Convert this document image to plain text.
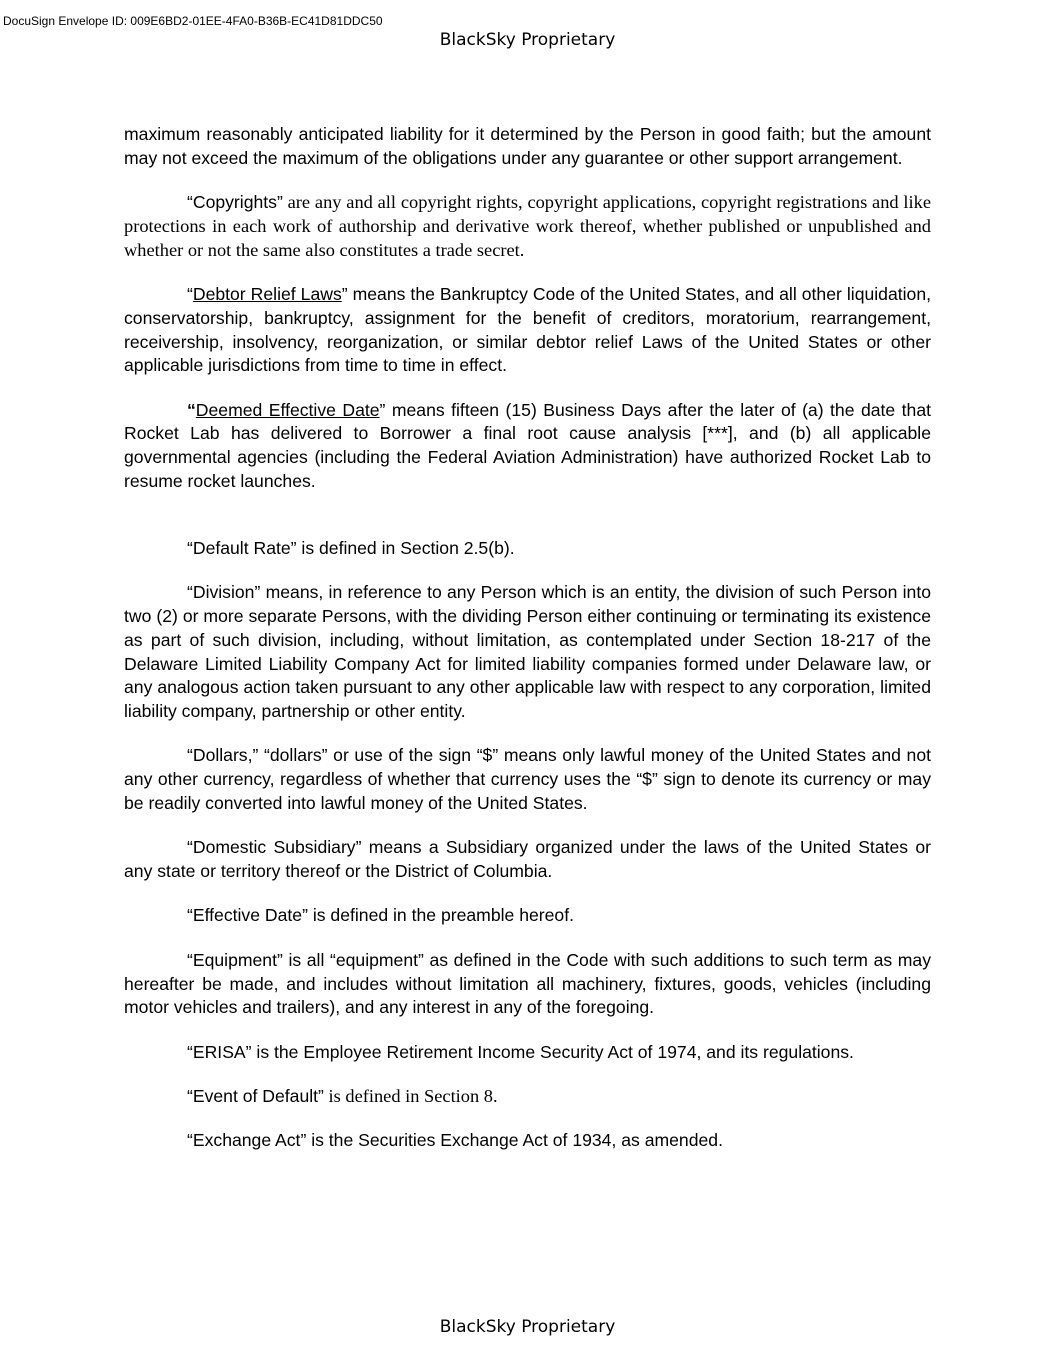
DocuSign Envelope ID: 009E6BD2-01EE-4FA0-B36B-EC41D81DDC50
BlackSky Proprietary

maximum reasonably anticipated liability for it determined by the Person in good faith; but the amount may not exceed the maximum of the obligations under any guarantee or other support arrangement.

“Copyrights” are any and all copyright rights, copyright applications, copyright registrations and like protections in each work of authorship and derivative work thereof, whether published or unpublished and whether or not the same also constitutes a trade secret.

“Debtor Relief Laws” means the Bankruptcy Code of the United States, and all other liquidation, conservatorship, bankruptcy, assignment for the benefit of creditors, moratorium, rearrangement, receivership, insolvency, reorganization, or similar debtor relief Laws of the United States or other applicable jurisdictions from time to time in effect.

“Deemed Effective Date” means fifteen (15) Business Days after the later of (a) the date that Rocket Lab has delivered to Borrower a final root cause analysis [***], and (b) all applicable governmental agencies (including the Federal Aviation Administration) have authorized Rocket Lab to resume rocket launches.

“Default Rate” is defined in Section 2.5(b).

“Division” means, in reference to any Person which is an entity, the division of such Person into two (2) or more separate Persons, with the dividing Person either continuing or terminating its existence as part of such division, including, without limitation, as contemplated under Section 18-217 of the Delaware Limited Liability Company Act for limited liability companies formed under Delaware law, or any analogous action taken pursuant to any other applicable law with respect to any corporation, limited liability company, partnership or other entity.

“Dollars,” “dollars” or use of the sign “$” means only lawful money of the United States and not any other currency, regardless of whether that currency uses the “$” sign to denote its currency or may be readily converted into lawful money of the United States.

“Domestic Subsidiary” means a Subsidiary organized under the laws of the United States or any state or territory thereof or the District of Columbia.

“Effective Date” is defined in the preamble hereof.

“Equipment” is all “equipment” as defined in the Code with such additions to such term as may hereafter be made, and includes without limitation all machinery, fixtures, goods, vehicles (including motor vehicles and trailers), and any interest in any of the foregoing.

“ERISA” is the Employee Retirement Income Security Act of 1974, and its regulations.

“Event of Default” is defined in Section 8.

“Exchange Act” is the Securities Exchange Act of 1934, as amended.

BlackSky Proprietary
